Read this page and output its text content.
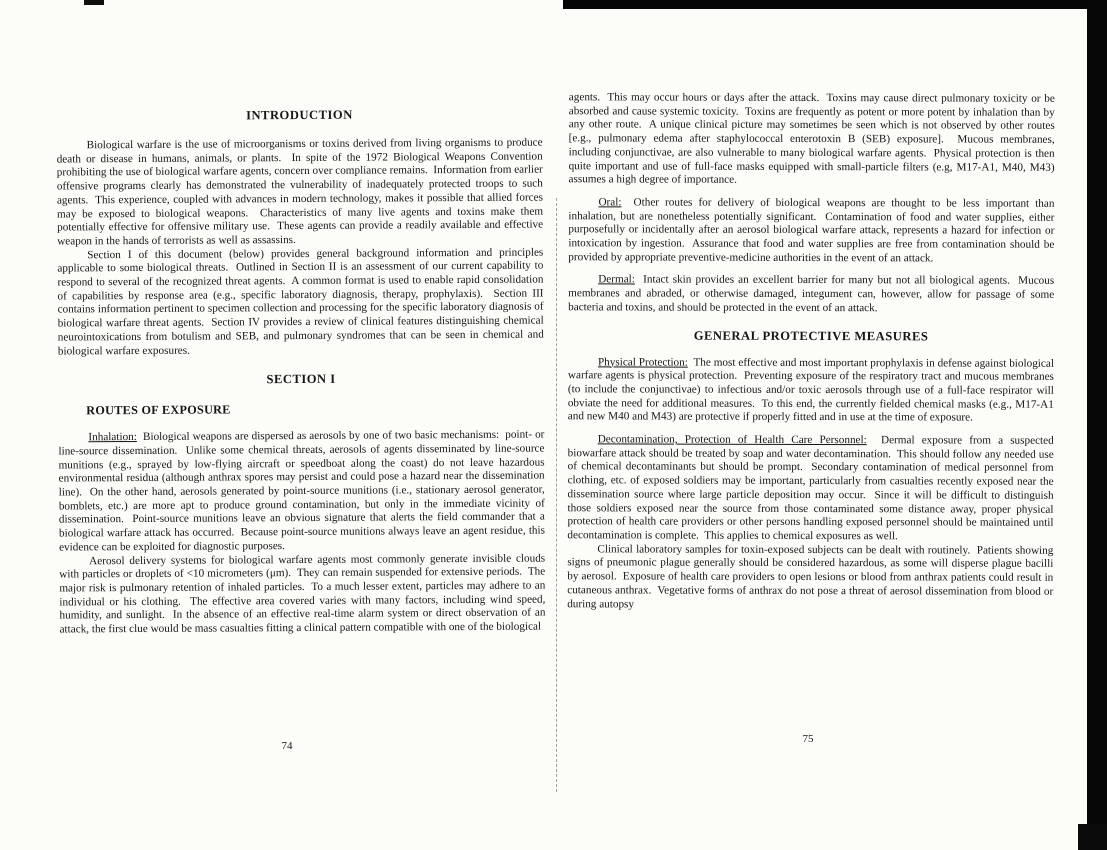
INTRODUCTION

Biological warfare is the use of microorganisms or toxins derived from living organisms to produce death or disease in humans, animals, or plants.  In spite of the 1972 Biological Weapons Convention prohibiting the use of biological warfare agents, concern over compliance remains.  Information from earlier offensive programs clearly has demonstrated the vulnerability of inadequately protected troops to such agents.  This experience, coupled with advances in modern technology, makes it possible that allied forces may be exposed to biological weapons.  Characteristics of many live agents and toxins make them potentially effective for offensive military use.  These agents can provide a readily available and effective weapon in the hands of terrorists as well as assassins.

Section I of this document (below) provides general background information and principles applicable to some biological threats.  Outlined in Section II is an assessment of our current capability to respond to several of the recognized threat agents.  A common format is used to enable rapid consolidation of capabilities by response area (e.g., specific laboratory diagnosis, therapy, prophylaxis).  Section III contains information pertinent to specimen collection and processing for the specific laboratory diagnosis of biological warfare threat agents.  Section IV provides a review of clinical features distinguishing chemical neurointoxications from botulism and SEB, and pulmonary syndromes that can be seen in chemical and biological warfare exposures.

SECTION I
ROUTES OF EXPOSURE

Inhalation:  Biological weapons are dispersed as aerosols by one of two basic mechanisms:  point- or line-source dissemination.  Unlike some chemical threats, aerosols of agents disseminated by line-source munitions (e.g., sprayed by low-flying aircraft or speedboat along the coast) do not leave hazardous environmental residua (although anthrax spores may persist and could pose a hazard near the dissemination line).  On the other hand, aerosols generated by point-source munitions (i.e., stationary aerosol generator, bomblets, etc.) are more apt to produce ground contamination, but only in the immediate vicinity of dissemination.  Point-source munitions leave an obvious signature that alerts the field commander that a biological warfare attack has occurred.  Because point-source munitions always leave an agent residue, this evidence can be exploited for diagnostic purposes.

Aerosol delivery systems for biological warfare agents most commonly generate invisible clouds with particles or droplets of <10 micrometers (μm).  They can remain suspended for extensive periods.  The major risk is pulmonary retention of inhaled particles.  To a much lesser extent, particles may adhere to an individual or his clothing.  The effective area covered varies with many factors, including wind speed, humidity, and sunlight.  In the absence of an effective real-time alarm system or direct observation of an attack, the first clue would be mass casualties fitting a clinical pattern compatible with one of the biological

agents.  This may occur hours or days after the attack.  Toxins may cause direct pulmonary toxicity or be absorbed and cause systemic toxicity.  Toxins are frequently as potent or more potent by inhalation than by any other route.  A unique clinical picture may sometimes be seen which is not observed by other routes [e.g., pulmonary edema after staphylococcal enterotoxin B (SEB) exposure].  Mucous membranes, including conjunctivae, are also vulnerable to many biological warfare agents.  Physical protection is then quite important and use of full-face masks equipped with small-particle filters (e.g, M17-A1, M40, M43) assumes a high degree of importance.

Oral:  Other routes for delivery of biological weapons are thought to be less important than inhalation, but are nonetheless potentially significant.  Contamination of food and water supplies, either purposefully or incidentally after an aerosol biological warfare attack, represents a hazard for infection or intoxication by ingestion.  Assurance that food and water supplies are free from contamination should be provided by appropriate preventive-medicine authorities in the event of an attack.

Dermal:  Intact skin provides an excellent barrier for many but not all biological agents.  Mucous membranes and abraded, or otherwise damaged, integument can, however, allow for passage of some bacteria and toxins, and should be protected in the event of an attack.

GENERAL PROTECTIVE MEASURES

Physical Protection:  The most effective and most important prophylaxis in defense against biological warfare agents is physical protection.  Preventing exposure of the respiratory tract and mucous membranes (to include the conjunctivae) to infectious and/or toxic aerosols through use of a full-face respirator will obviate the need for additional measures.  To this end, the currently fielded chemical masks (e.g., M17-A1 and new M40 and M43) are protective if properly fitted and in use at the time of exposure.

Decontamination, Protection of Health Care Personnel:  Dermal exposure from a suspected biowarfare attack should be treated by soap and water decontamination.  This should follow any needed use of chemical decontaminants but should be prompt.  Secondary contamination of medical personnel from clothing, etc. of exposed soldiers may be important, particularly from casualties recently exposed near the dissemination source where large particle deposition may occur.  Since it will be difficult to distinguish those soldiers exposed near the source from those contaminated some distance away, proper physical protection of health care providers or other persons handling exposed personnel should be maintained until decontamination is complete.  This applies to chemical exposures as well.

Clinical laboratory samples for toxin-exposed subjects can be dealt with routinely.  Patients showing signs of pneumonic plague generally should be considered hazardous, as some will disperse plague bacilli by aerosol.  Exposure of health care providers to open lesions or blood from anthrax patients could result in cutaneous anthrax.  Vegetative forms of anthrax do not pose a threat of aerosol dissemination from blood or during autopsy

74
75
